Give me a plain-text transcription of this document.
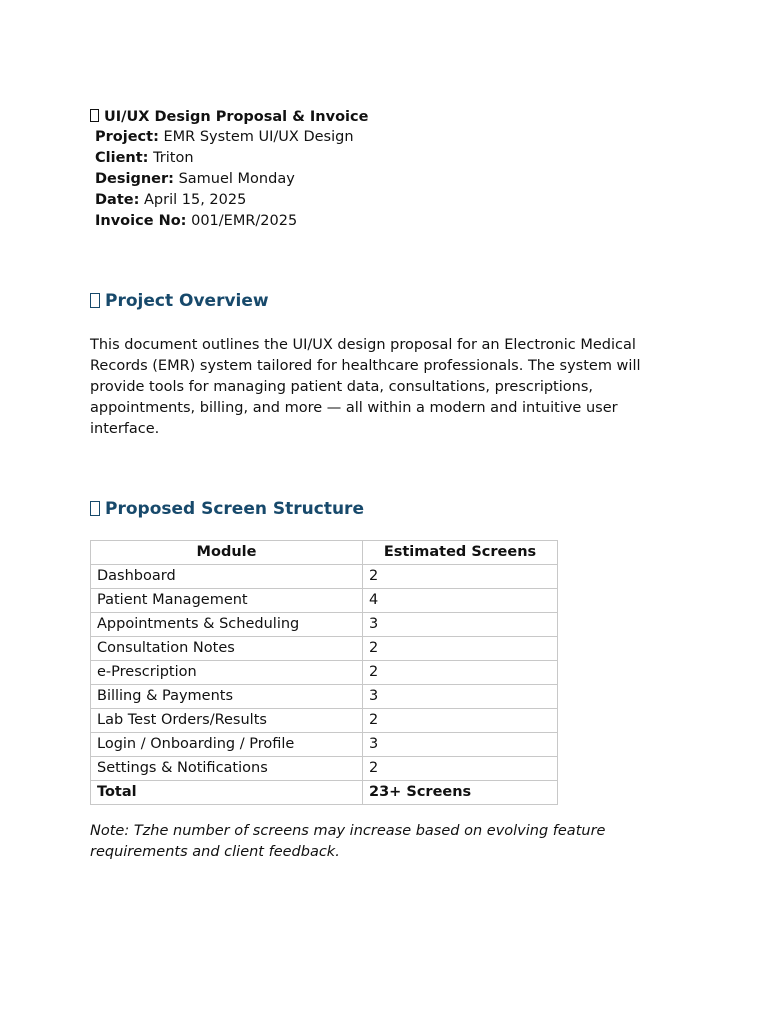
UI/UX Design Proposal & Invoice

Project: EMR System UI/UX Design

Client: Triton

Designer: Samuel Monday

Date: April 15, 2025

Invoice No: 001/EMR/2025

Project Overview

This document outlines the UI/UX design proposal for an Electronic Medical Records (EMR) system tailored for healthcare professionals. The system will provide tools for managing patient data, consultations, prescriptions, appointments, billing, and more — all within a modern and intuitive user interface.

Proposed Screen Structure
Module	Estimated Screens
Dashboard	2
Patient Management	4
Appointments & Scheduling	3
Consultation Notes	2
e-Prescription	2
Billing & Payments	3
Lab Test Orders/Results	2
Login / Onboarding / Profile	3
Settings & Notifications	2
Total	23+ Screens

Note: Tzhe number of screens may increase based on evolving feature requirements and client feedback.
